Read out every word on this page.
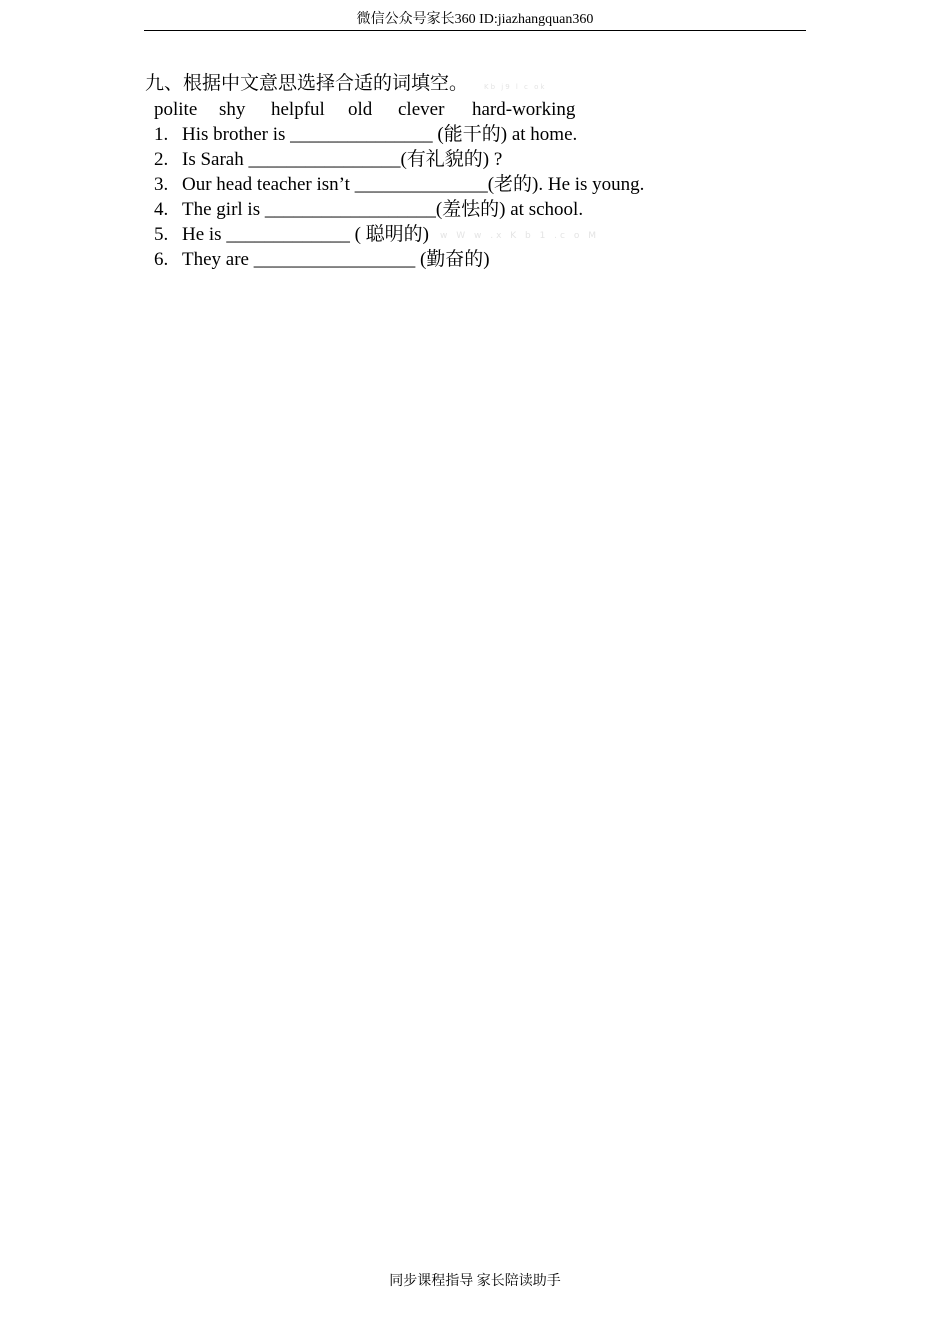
微信公众号家长360 ID:jiazhangquan360
九、根据中文意思选择合适的词填空。 Kb j9 l c ok
polite shy helpful old clever hard-working
1. His brother is _______________ (能干的) at home.
2. Is Sarah ________________(有礼貌的) ?
3. Our head teacher isn’t ______________(老的). He is young.
4. The girl is __________________(羞怯的) at school.
5. He is _____________ ( 聪明的)
6. They are _________________ (勤奋的)
w W w .x K b 1 .c o M
同步课程指导 家长陪读助手
